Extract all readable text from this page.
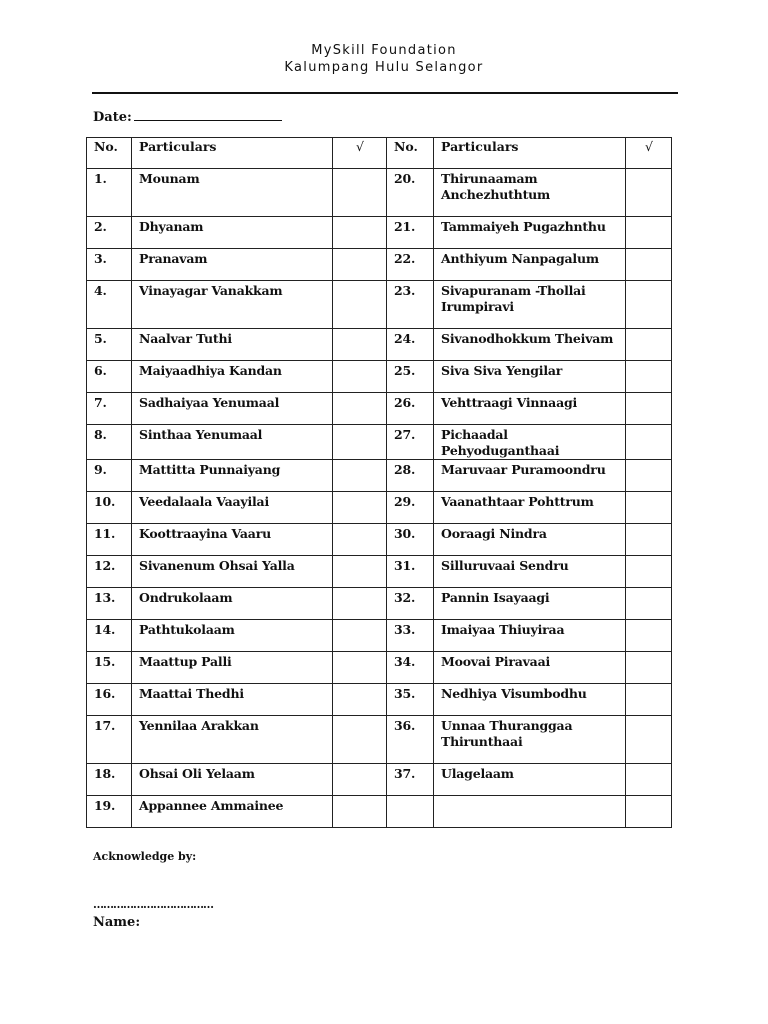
MySkill Foundation
Kalumpang Hulu Selangor
Date:
No.	Particulars	√	No.	Particulars	√
1.	Mounam		20.	Thirunaamam Anchezhuthtum	
2.	Dhyanam		21.	Tammaiyeh Pugazhnthu	
3.	Pranavam		22.	Anthiyum Nanpagalum	
4.	Vinayagar Vanakkam		23.	Sivapuranam -Thollai Irumpiravi	
5.	Naalvar Tuthi		24.	Sivanodhokkum Theivam	
6.	Maiyaadhiya Kandan		25.	Siva Siva Yengilar	
7.	Sadhaiyaa Yenumaal		26.	Vehttraagi Vinnaagi	
8.	Sinthaa Yenumaal		27.	Pichaadal Pehyoduganthaai	
9.	Mattitta Punnaiyang		28.	Maruvaar Puramoondru	
10.	Veedalaala Vaayilai		29.	Vaanathtaar Pohttrum	
11.	Koottraayina Vaaru		30.	Ooraagi Nindra	
12.	Sivanenum Ohsai Yalla		31.	Silluruvaai Sendru	
13.	Ondrukolaam		32.	Pannin Isayaagi	
14.	Pathtukolaam		33.	Imaiyaa Thiuyiraa	
15.	Maattup Palli		34.	Moovai Piravaai	
16.	Maattai Thedhi		35.	Nedhiya Visumbodhu	
17.	Yennilaa Arakkan		36.	Unnaa Thuranggaa Thirunthaai	
18.	Ohsai Oli Yelaam		37.	Ulagelaam	
19.	Appannee Ammainee				
Acknowledge by:
………………………………
Name:
